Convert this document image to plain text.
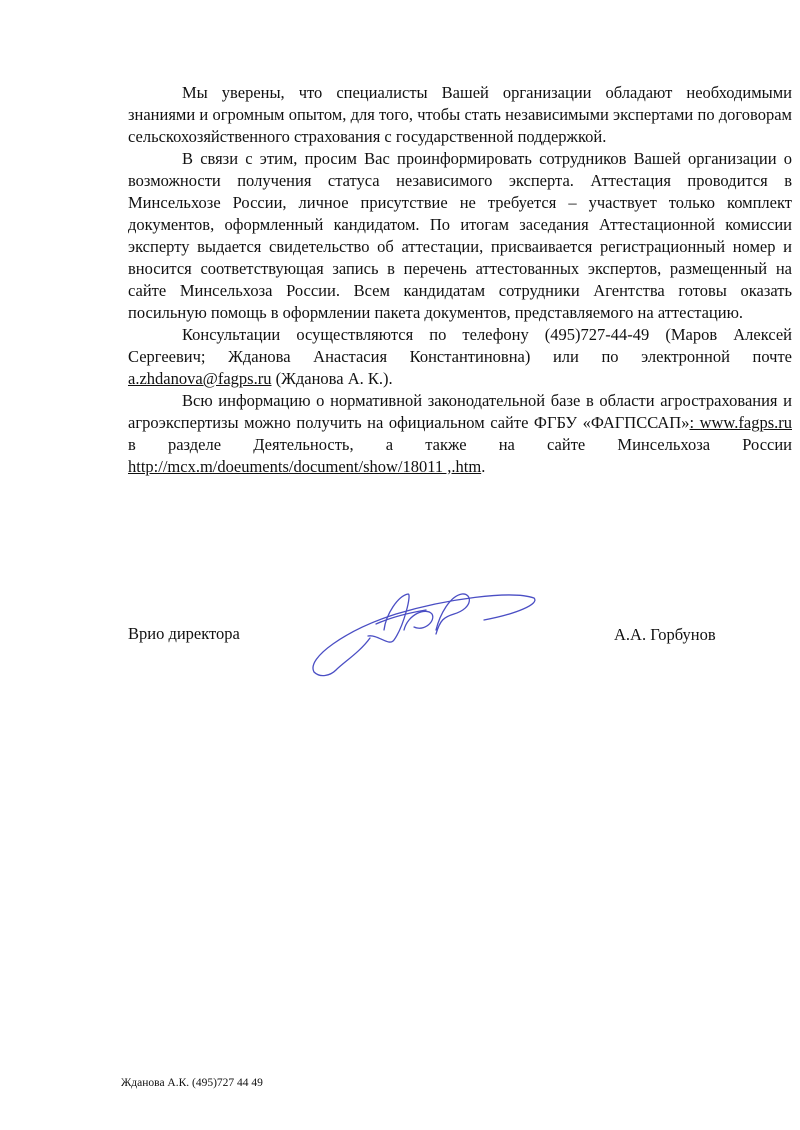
Мы уверены, что специалисты Вашей организации обладают необходимыми знаниями и огромным опытом, для того, чтобы стать независимыми экспертами по договорам сельскохозяйственного страхования с государственной поддержкой.

В связи с этим, просим Вас проинформировать сотрудников Вашей организации о возможности получения статуса независимого эксперта. Аттестация проводится в Минсельхозе России, личное присутствие не требуется – участвует только комплект документов, оформленный кандидатом. По итогам заседания Аттестационной комиссии эксперту выдается свидетельство об аттестации, присваивается регистрационный номер и вносится соответствующая запись в перечень аттестованных экспертов, размещенный на сайте Минсельхоза России. Всем кандидатам сотрудники Агентства готовы оказать посильную помощь в оформлении пакета документов, представляемого на аттестацию.

Консультации осуществляются по телефону (495)727-44-49 (Маров Алексей Сергеевич; Жданова Анастасия Константиновна) или по электронной почте a.zhdanova@fagps.ru (Жданова А. К.).

Всю информацию о нормативной законодательной базе в области агрострахования и агроэкспертизы можно получить на официальном сайте ФГБУ «ФАГПССАП»: www.fagps.ru в разделе Деятельность, а также на сайте Минсельхоза России http://mcx.m/doeuments/document/show/18011 ,.htm.

Врио директора	А.А. Горбунов
Жданова А.К. (495)727 44 49
